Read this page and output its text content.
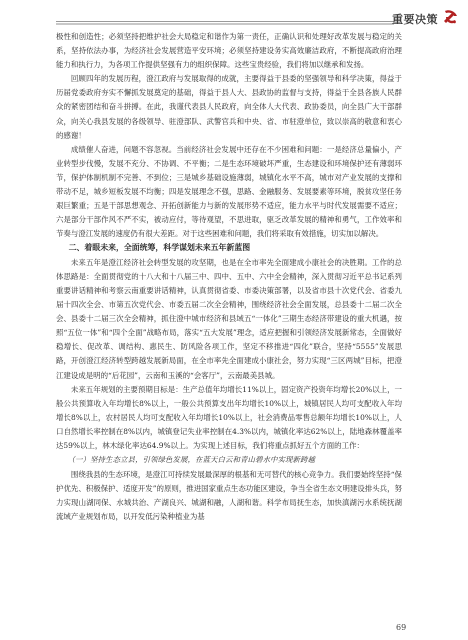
重要决策

极性和创造性；必须坚持把维护社会大局稳定和谐作为第一责任，正确认识和处理好改革发展与稳定的关系，坚持依法办事，为经济社会发展营造平安环境；必须坚持建设务实高效廉洁政府，不断提高政府治理能力和执行力，为各项工作提供坚强有力的组织保障。这些宝贵经验，我们将加以继承和发扬。

回顾四年的发展历程，澄江政府与发展取得的成就，主要得益于县委的坚强领导和科学决策，得益于历届党委政府夯实不懈抓发展奠定的基础，得益于县人大、县政协的监督与支持，得益于全县各族人民群众的紧密团结和奋斗拼搏。在此，我谨代表县人民政府，向全体人大代表、政协委员，向全县广大干部群众，向关心我县发展的各级领导、驻澄部队、武警官兵和中央、省、市驻澄单位，致以崇高的敬意和衷心的感谢！

成绩催人奋进，问题不容忽视。当前经济社会发展中还存在不少困难和问题：一是经济总量偏小，产业转型步伐慢，发展不充分、不协调、不平衡；二是生态环境破坏严重，生态建设和环境保护还有薄弱环节，保护体制机制不完善、不到位；三是城乡基础设施薄弱，城镇化水平不高，城市对产业发展的支撑和带动不足，城乡短板发展不均衡；四是发展理念不强，思路、金融服务、发展要素等环境，脱贫攻坚任务艰巨繁重；五是干部思想观念、开拓创新能力与新的发展形势不适应，能力水平与时代发展需要不适应；六是部分干部作风不严不实，被动应付，等待观望，不思进取，驱乏改革发展的精神和勇气，工作效率和节奏与澄江发展的速度仍有很大差距。对于这些困难和问题，我们将采取有效措施，切实加以解决。

二、着眼未来，全面统筹，科学谋划未来五年新蓝图

未来五年是澄江经济社会转型发展的攻坚期，也是在全市率先全面建成小康社会的决胜期。工作的总体思路是：全面贯彻党的十八大和十八届三中、四中、五中、六中全会精神，深入贯彻习近平总书记系列重要讲话精神和考察云南重要讲话精神，认真贯彻省委、市委决策部署，以及省市县十次党代会、省委九届十四次全会、市第五次党代会、市委五届二次全会精神，围绕经济社会全面发展，总县委十二届二次全会、县委十二届三次全会精神，抓住澄中城市经济和县域五“一体化”三期生态经济带建设的重大机遇，按照“五位一体”和“四个全面”战略布局，落实“五大发展”理念，适应把握和引领经济发展新常态，全面做好稳增长、促改革、调结构、惠民生、防风险各项工作，坚定不移推进“四化”联合，坚持“5555”发展思路，开创澄江经济转型跨越发展新局面，在全市率先全面建成小康社会，努力实现“三区两城”目标，把澄江建设成是明的“后花园”，云南和玉溪的“会客厅”，云南最美县城。

未来五年规划的主要预期目标是：生产总值年均增长11%以上，固定资产投资年均增长20%以上，一般公共预算收入年均增长8%以上，一般公共预算支出年均增长10%以上，城镇居民人均可支配收入年均增长8%以上，农村居民人均可支配收入年均增长10%以上，社会消费品零售总额年均增长10%以上，人口自然增长率控制在8%以内，城镇登记失业率控制在4.3%以内，城镇化率达62%以上，陆地森林覆盖率达59%以上，林木绿化率达64.9%以上。为实现上述目标，我们将重点抓好五个方面的工作：

（一）坚持生态立县，引领绿色发展，在蓝天白云和青山碧水中实现新跨越

围绕我县的生态环境，是澄江可持续发展最深厚的根基和无可替代的核心竞争力。我们要始终坚持“保护优先、积极保护、适度开发”的原则，推进国家重点生态功能区建设，争当全省生态文明建设排头兵，努力实现山湖同保、水城共治、产湖良兴、城湖和融，人湖和谐。科学布局抚生态，加快滇湖污水系统抚湖流域产业规划布局，以开发低污染种植业为基

69
